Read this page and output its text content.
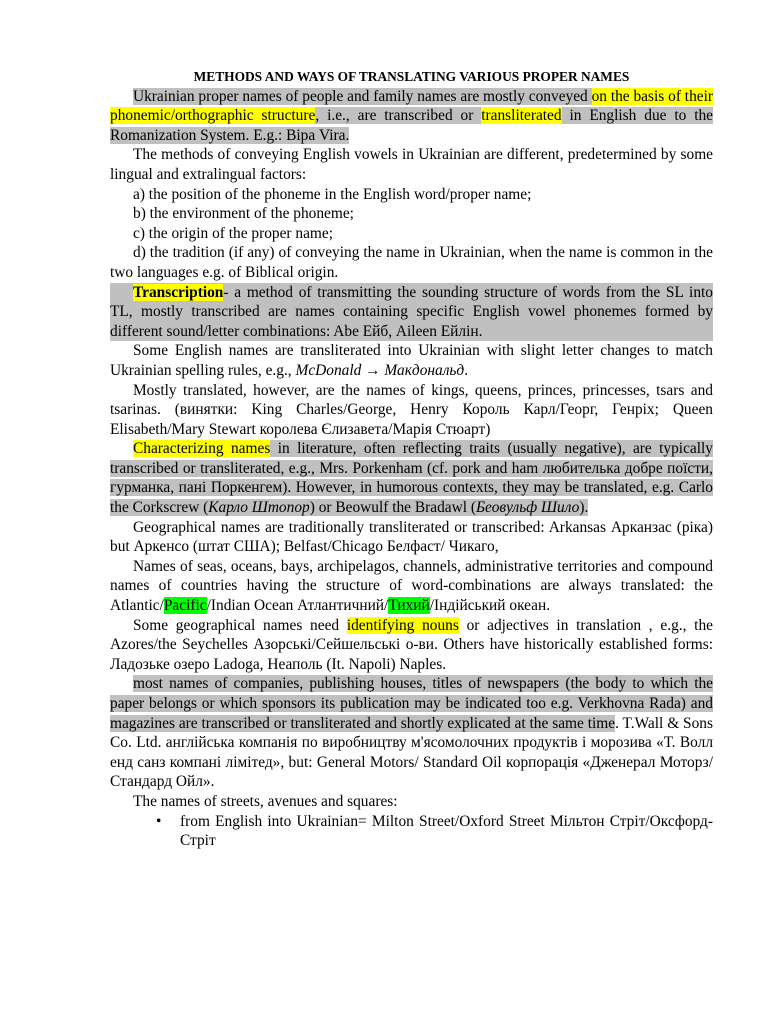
METHODS AND WAYS OF TRANSLATING VARIOUS PROPER NAMES

Ukrainian proper names of people and family names are mostly conveyed on the basis of their phonemic/orthographic structure, i.e., are transcribed or transliterated in English due to the Romanization System. E.g.: Віра Vira.

The methods of conveying English vowels in Ukrainian are different, predetermined by some lingual and extralingual factors:

a) the position of the phoneme in the English word/proper name;

b) the environment of the phoneme;

c) the origin of the proper name;

d) the tradition (if any) of conveying the name in Ukrainian, when the name is common in the two languages e.g. of Biblical origin.

Transcription- a method of transmitting the sounding structure of words from the SL into TL, mostly transcribed are names containing specific English vowel phonemes formed by different sound/letter combinations: Abe Ейб, Aileen Ейлін.

Some English names are transliterated into Ukrainian with slight letter changes to match Ukrainian spelling rules, e.g., McDonald → Макдональд.

Mostly translated, however, are the names of kings, queens, princes, princesses, tsars and tsarinas. (винятки: King Charles/George, Henry Король Карл/Георг, Генріх; Queen Elisabeth/Mary Stewart королева Єлизавета/Марія Стюарт)

Characterizing names in literature, often reflecting traits (usually negative), are typically transcribed or transliterated, e.g., Mrs. Porkenham (cf. pork and ham любителька добре поїсти, гурманка, пані Поркенгем). However, in humorous contexts, they may be translated, e.g. Carlo the Corkscrew (Карло Штопор) or Beowulf the Bradawl (Беовульф Шило).

Geographical names are traditionally transliterated or transcribed: Arkansas Арканзас (ріка) but Аркенсо (штат США); Belfast/Chicago Белфаст/ Чикаго,

Names of seas, oceans, bays, archipelagos, channels, administrative territories and compound names of countries having the structure of word-combinations are always translated: the Atlantic/Pacific/Indian Ocean Атлантичний/Тихий/Індійський океан.

Some geographical names need identifying nouns or adjectives in translation , e.g., the Azores/the Seychelles Азорські/Сейшельські о-ви. Others have historically established forms: Ладозьке озеро Ladoga, Неаполь (It. Napoli) Naples.

most names of companies, publishing houses, titles of newspapers (the body to which the paper belongs or which sponsors its publication may be indicated too e.g. Verkhovna Rada) and magazines are transcribed or transliterated and shortly explicated at the same time. T.Wall & Sons Co. Ltd. англійська компанія по виробництву м'ясомолочних продуктів і морозива «Т. Волл енд санз компані лімітед», but: General Motors/ Standard Oil корпорація «Дженерал Моторз/Стандард Ойл».

The names of streets, avenues and squares:

• from English into Ukrainian= Milton Street/Oxford Street Мільтон Стріт/Оксфорд-Стріт
